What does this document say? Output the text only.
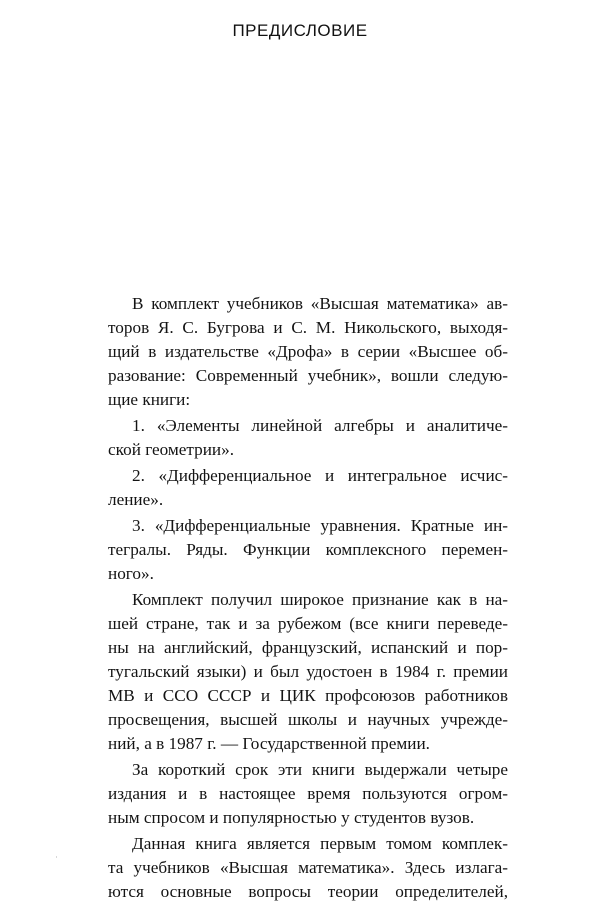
ПРЕДИСЛОВИЕ
В комплект учебников «Высшая математика» ав-
торов Я. С. Бугрова и С. М. Никольского, выходя-
щий в издательстве «Дрофа» в серии «Высшее об-
разование: Современный учебник», вошли следую-
щие книги:
1. «Элементы линейной алгебры и аналитиче-
ской геометрии».
2. «Дифференциальное и интегральное исчис-
ление».
3. «Дифференциальные уравнения. Кратные ин-
тегралы. Ряды. Функции комплексного перемен-
ного».
Комплект получил широкое признание как в на-
шей стране, так и за рубежом (все книги переведе-
ны на английский, французский, испанский и пор-
тугальский языки) и был удостоен в 1984 г. премии
МВ и ССО СССР и ЦИК профсоюзов работников
просвещения, высшей школы и научных учрежде-
ний, а в 1987 г. — Государственной премии.
За короткий срок эти книги выдержали четыре
издания и в настоящее время пользуются огром-
ным спросом и популярностью у студентов вузов.
Данная книга является первым томом комплек-
та учебников «Высшая математика». Здесь излага-
ются основные вопросы теории определителей,
